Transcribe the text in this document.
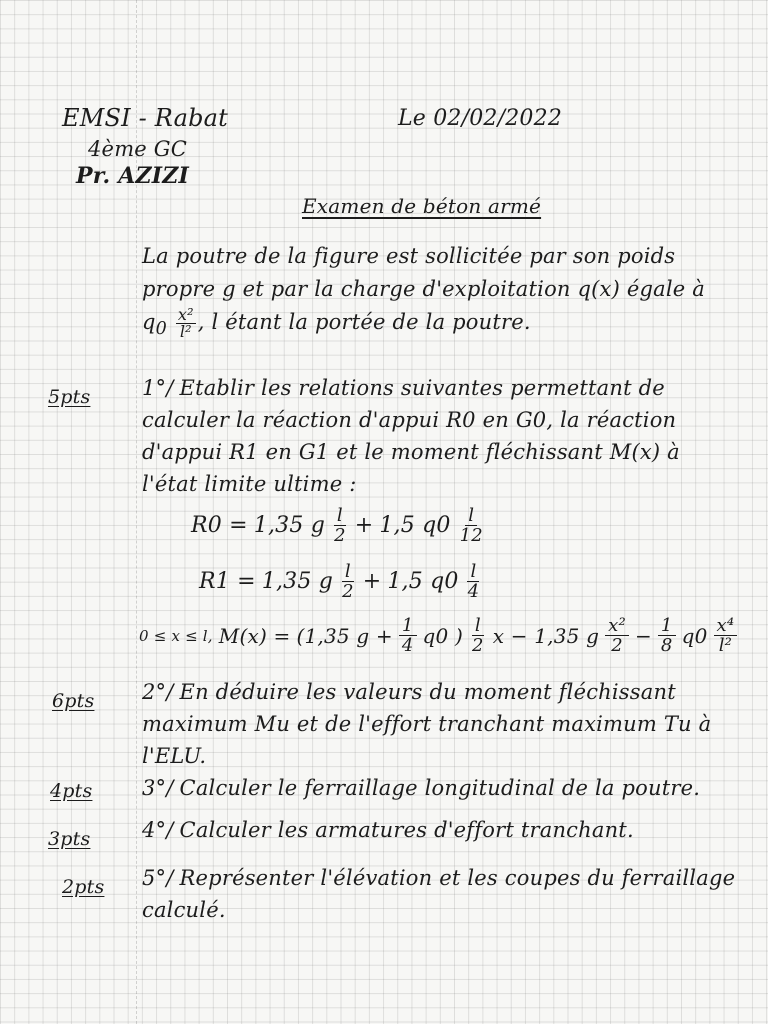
EMSI - Rabat
4ème GC
Pr. AZIZI
Le 02/02/2022
Examen de béton armé
La poutre de la figure est sollicitée par son poids propre g et par la charge d'exploitation q(x) égale à $q_0 \frac{\text{x²}}{\text{l²}}$ , l étant la portée de la poutre.
5pts 1°/ Etablir les relations suivantes permettant de calculer la réaction d'appui R0 en G0, la réaction d'appui R1 en G1 et le moment fléchissant M(x) à l'état limite ultime :
R0 = 1,35 g $\frac{l}{2} + 1,5$ $q0 \frac{l}{12}$
R1 = 1,35 g $\frac{l}{2} + 1,5$ $q0 \frac{l}{4}$
0 ≤ x ≤ l, M(x) = (1,35 $g + \frac{1}{4} q0$ ) $\frac{l}{2}$ x − 1,35 g $\frac{\text{x²}}{2} - \frac{1}{8} q0 \frac{\text{x⁴}}{\text{l²}}$
6pts 2°/ En déduire les valeurs du moment fléchissant maximum Mu et de l'effort tranchant maximum Tu à l'ELU.
4pts 3°/ Calculer le ferraillage longitudinal de la poutre.
3pts 4°/ Calculer les armatures d'effort tranchant.
2pts 5°/ Représenter l'élévation et les coupes du ferraillage calculé.
